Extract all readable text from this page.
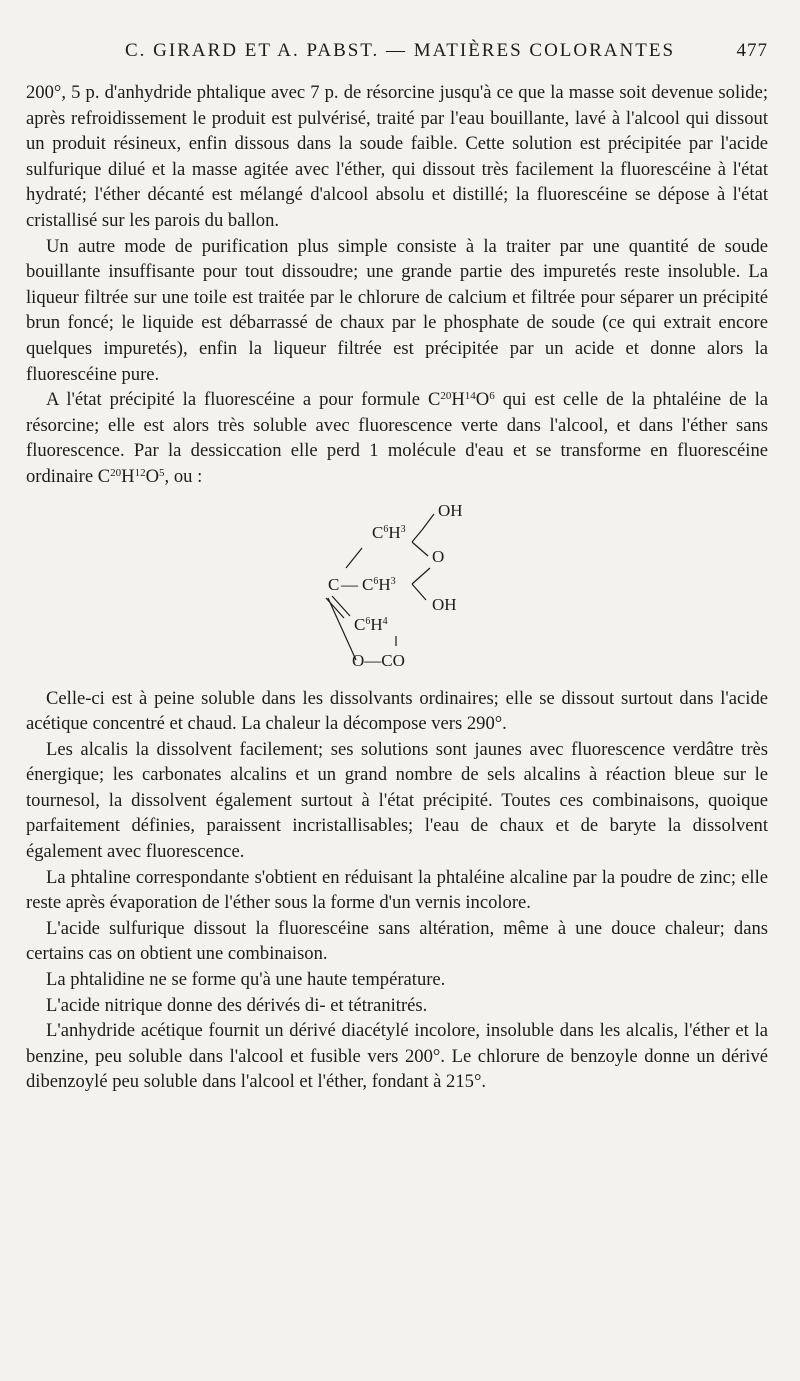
C. GIRARD ET A. PABST. — MATIÈRES COLORANTES	477

200°, 5 p. d'anhydride phtalique avec 7 p. de résorcine jusqu'à ce que la masse soit devenue solide; après refroidissement le produit est pulvérisé, traité par l'eau bouillante, lavé à l'alcool qui dissout un produit résineux, enfin dissous dans la soude faible. Cette solution est précipitée par l'acide sulfurique dilué et la masse agitée avec l'éther, qui dissout très facilement la fluorescéine à l'état hydraté; l'éther décanté est mélangé d'alcool absolu et distillé; la fluorescéine se dépose à l'état cristallisé sur les parois du ballon.

Un autre mode de purification plus simple consiste à la traiter par une quantité de soude bouillante insuffisante pour tout dissoudre; une grande partie des impuretés reste insoluble. La liqueur filtrée sur une toile est traitée par le chlorure de calcium et filtrée pour séparer un précipité brun foncé; le liquide est débarrassé de chaux par le phosphate de soude (ce qui extrait encore quelques impuretés), enfin la liqueur filtrée est précipitée par un acide et donne alors la fluorescéine pure.

A l'état précipité la fluorescéine a pour formule $C^{20}H^{14}O^6$ qui est celle de la phtaléine de la résorcine; elle est alors très soluble avec fluorescence verte dans l'alcool, et dans l'éther sans fluorescence. Par la dessiccation elle perd 1 molécule d'eau et se transforme en fluorescéine ordinaire $C^{20}H^{12}O^5$, ou :

OH
$C^6H^3$
O
C — $C^6H^3$
OH
$C^6H^4$
O—CO

Celle-ci est à peine soluble dans les dissolvants ordinaires; elle se dissout surtout dans l'acide acétique concentré et chaud. La chaleur la décompose vers 290°.

Les alcalis la dissolvent facilement; ses solutions sont jaunes avec fluorescence verdâtre très énergique; les carbonates alcalins et un grand nombre de sels alcalins à réaction bleue sur le tournesol, la dissolvent également surtout à l'état précipité. Toutes ces combinaisons, quoique parfaitement définies, paraissent incristallisables; l'eau de chaux et de baryte la dissolvent également avec fluorescence.

La phtaline correspondante s'obtient en réduisant la phtaléine alcaline par la poudre de zinc; elle reste après évaporation de l'éther sous la forme d'un vernis incolore.

L'acide sulfurique dissout la fluorescéine sans altération, même à une douce chaleur; dans certains cas on obtient une combinaison.

La phtalidine ne se forme qu'à une haute température.

L'acide nitrique donne des dérivés di- et tétranitrés.

L'anhydride acétique fournit un dérivé diacétylé incolore, insoluble dans les alcalis, l'éther et la benzine, peu soluble dans l'alcool et fusible vers 200°. Le chlorure de benzoyle donne un dérivé dibenzoylé peu soluble dans l'alcool et l'éther, fondant à 215°.
